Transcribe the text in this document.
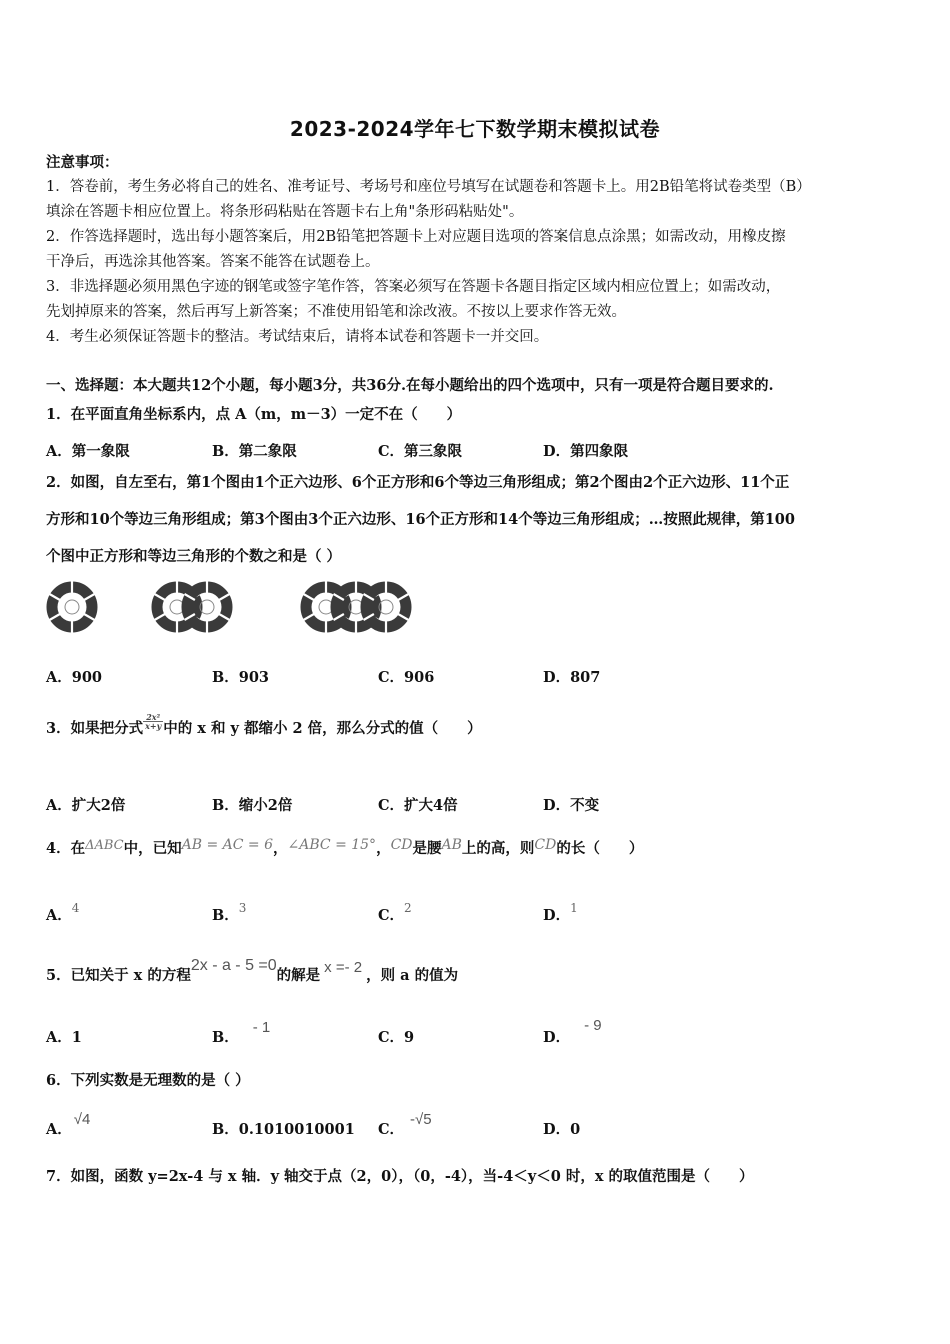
2023-2024学年七下数学期末模拟试卷
注意事项：
1．答卷前，考生务必将自己的姓名、准考证号、考场号和座位号填写在试题卷和答题卡上。用2B铅笔将试卷类型（B）
填涂在答题卡相应位置上。将条形码粘贴在答题卡右上角"条形码粘贴处"。
2．作答选择题时，选出每小题答案后，用2B铅笔把答题卡上对应题目选项的答案信息点涂黑；如需改动，用橡皮擦
干净后，再选涂其他答案。答案不能答在试题卷上。
3．非选择题必须用黑色字迹的钢笔或签字笔作答，答案必须写在答题卡各题目指定区域内相应位置上；如需改动，
先划掉原来的答案，然后再写上新答案；不准使用铅笔和涂改液。不按以上要求作答无效。
4．考生必须保证答题卡的整洁。考试结束后，请将本试卷和答题卡一并交回。
一、选择题：本大题共12个小题，每小题3分，共36分.在每小题给出的四个选项中，只有一项是符合题目要求的.
1．在平面直角坐标系内，点 A（m，m－3）一定不在（　　）
A．第一象限	B．第二象限	C．第三象限	D．第四象限
2．如图，自左至右，第1个图由1个正六边形、6个正方形和6个等边三角形组成；第2个图由2个正六边形、11个正
方形和10个等边三角形组成；第3个图由3个正六边形、16个正方形和14个等边三角形组成；…按照此规律，第100
个图中正方形和等边三角形的个数之和是（ ）
A．900	B．903	C．906	D．807
3．如果把分式 $\frac{\text{2x²}}{x+y}$ 中的 x 和 y 都缩小 2 倍，那么分式的值（　　）
A．扩大2倍	B．缩小2倍	C．扩大4倍	D．不变
4．在ΔABC中，已知AB = AC = 6，∠ABC = 15°，CD是腰AB上的高，则CD的长（　　）
A．$^4$	B．$^3$	C．$^2$	D．$^1$
5．已知关于 x 的方程2x - a - 5 =0的解是 x =- 2 ，则 a 的值为
A．1	B．- 1
C．9	D．- 9
6．下列实数是无理数的是（ ）
A．√4
B．0.1010010001 C．-√5
D．0
7．如图，函数 y=2x-4 与 x 轴．y 轴交于点（2，0），（0，-4），当-4＜y＜0 时，x 的取值范围是（　　）
